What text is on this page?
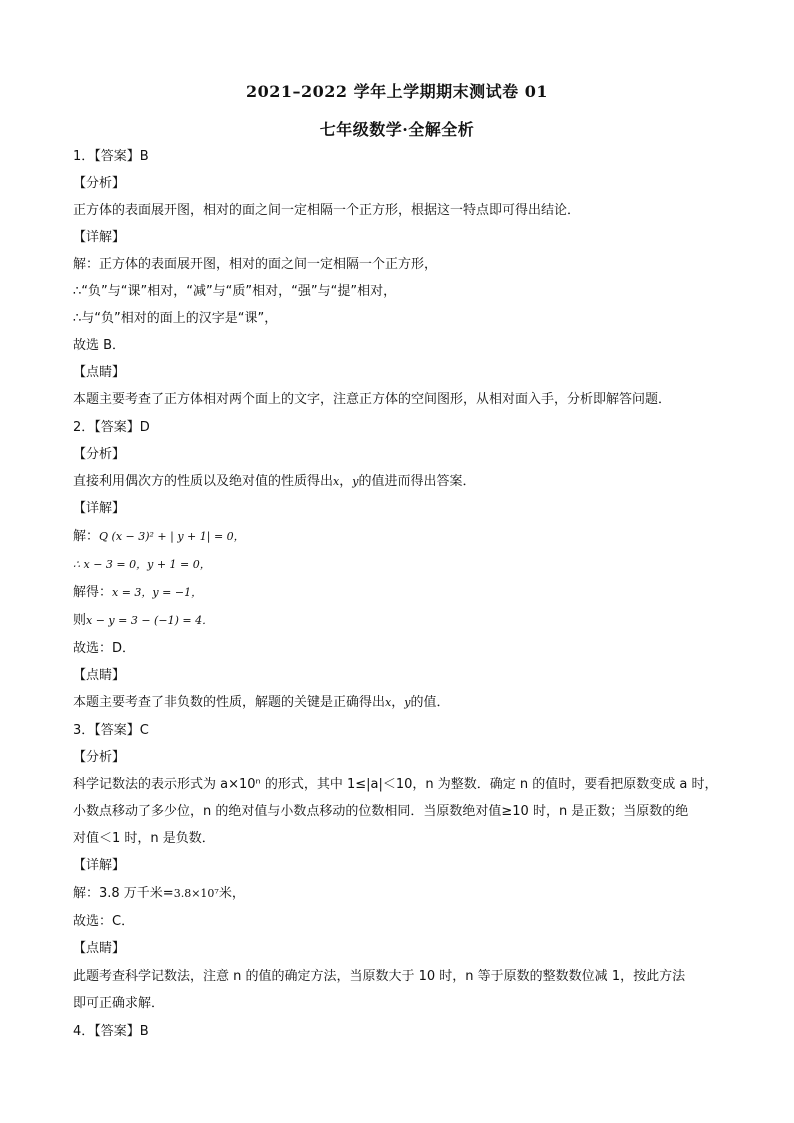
2021–2022 学年上学期期末测试卷 01
七年级数学·全解全析
1．【答案】B
【分析】
正方体的表面展开图，相对的面之间一定相隔一个正方形，根据这一特点即可得出结论．
【详解】
解：正方体的表面展开图，相对的面之间一定相隔一个正方形，
∴“负”与“课”相对，“减”与“质”相对，“强”与“提”相对，
∴与“负”相对的面上的汉字是“课”，
故选 B．
【点睛】
本题主要考查了正方体相对两个面上的文字，注意正方体的空间图形，从相对面入手，分析即解答问题．
2．【答案】D
【分析】
直接利用偶次方的性质以及绝对值的性质得出x，y的值进而得出答案．
【详解】
解：Q (x − 3)² + | y + 1| = 0，
∴ x − 3 = 0，y + 1 = 0，
解得：x = 3，y = −1，
则x − y = 3 − (−1) = 4．
故选：D．
【点睛】
本题主要考查了非负数的性质，解题的关键是正确得出x，y的值．
3．【答案】C
【分析】
科学记数法的表示形式为 a×10ⁿ 的形式，其中 1≤|a|＜10，n 为整数．确定 n 的值时，要看把原数变成 a 时，
小数点移动了多少位，n 的绝对值与小数点移动的位数相同．当原数绝对值≥10 时，n 是正数；当原数的绝
对值＜1 时，n 是负数．
【详解】
解：3.8 万千米=3.8×10⁷米，
故选：C．
【点睛】
此题考查科学记数法，注意 n 的值的确定方法，当原数大于 10 时，n 等于原数的整数数位减 1，按此方法
即可正确求解．
4．【答案】B
